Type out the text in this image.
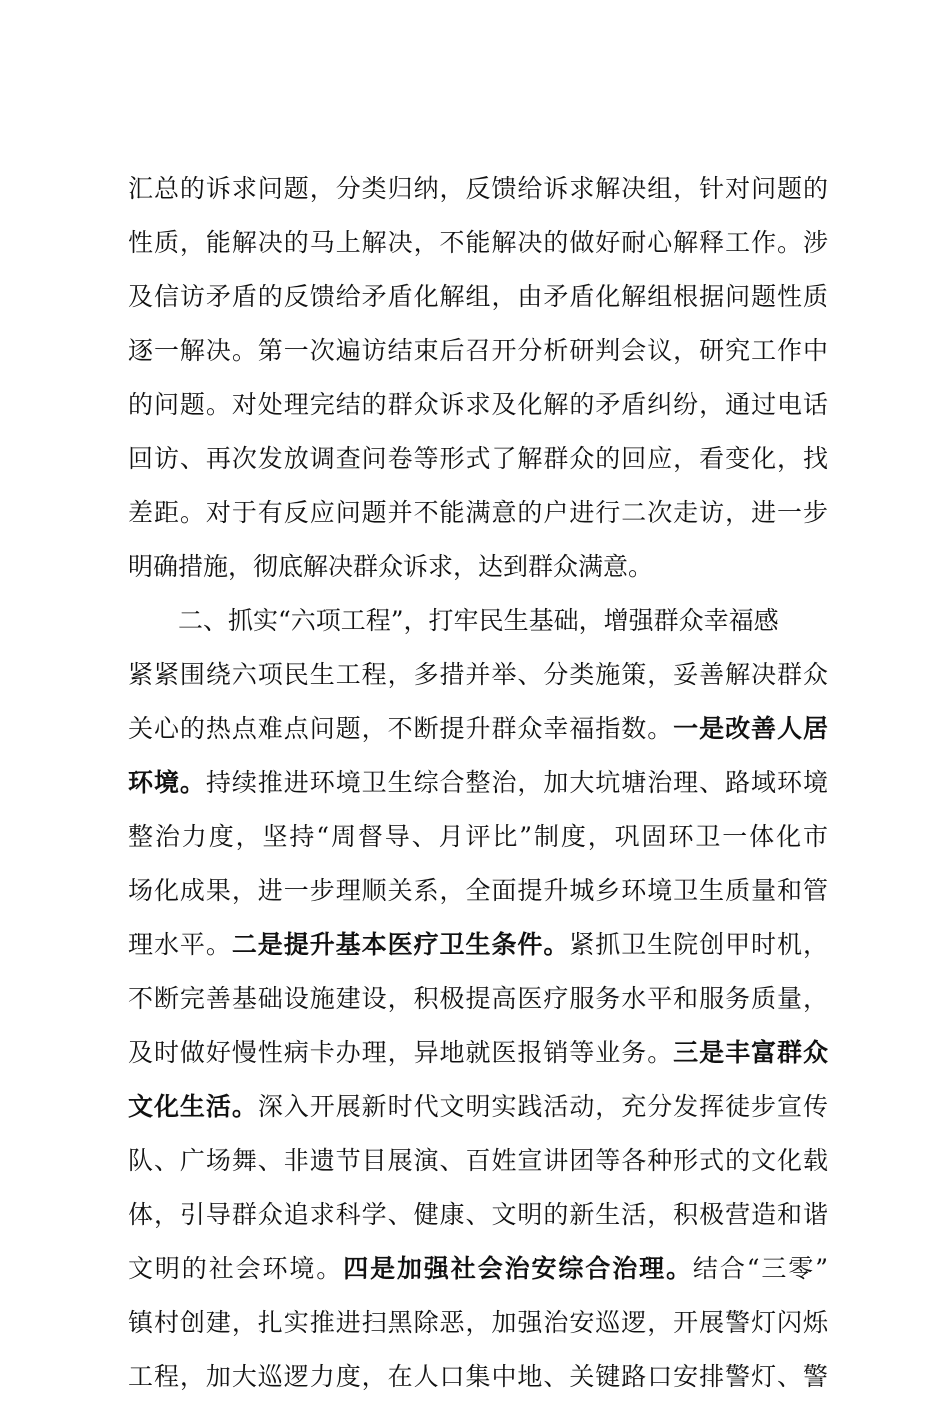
汇总的诉求问题，分类归纳，反馈给诉求解决组，针对问题的
性质，能解决的马上解决，不能解决的做好耐心解释工作。涉
及信访矛盾的反馈给矛盾化解组，由矛盾化解组根据问题性质
逐一解决。第一次遍访结束后召开分析研判会议，研究工作中
的问题。对处理完结的群众诉求及化解的矛盾纠纷，通过电话
回访、再次发放调查问卷等形式了解群众的回应，看变化，找
差距。对于有反应问题并不能满意的户进行二次走访，进一步
明确措施，彻底解决群众诉求，达到群众满意。
二、抓实“六项工程”，打牢民生基础，增强群众幸福感
紧紧围绕六项民生工程，多措并举、分类施策，妥善解决群众
关心的热点难点问题，不断提升群众幸福指数。一是改善人居
环境。持续推进环境卫生综合整治，加大坑塘治理、路域环境
整治力度，坚持“周督导、月评比”制度，巩固环卫一体化市
场化成果，进一步理顺关系，全面提升城乡环境卫生质量和管
理水平。二是提升基本医疗卫生条件。紧抓卫生院创甲时机，
不断完善基础设施建设，积极提高医疗服务水平和服务质量，
及时做好慢性病卡办理，异地就医报销等业务。三是丰富群众
文化生活。深入开展新时代文明实践活动，充分发挥徒步宣传
队、广场舞、非遗节目展演、百姓宣讲团等各种形式的文化载
体，引导群众追求科学、健康、文明的新生活，积极营造和谐
文明的社会环境。四是加强社会治安综合治理。结合“三零”
镇村创建，扎实推进扫黑除恶，加强治安巡逻，开展警灯闪烁
工程，加大巡逻力度，在人口集中地、关键路口安排警灯、警
